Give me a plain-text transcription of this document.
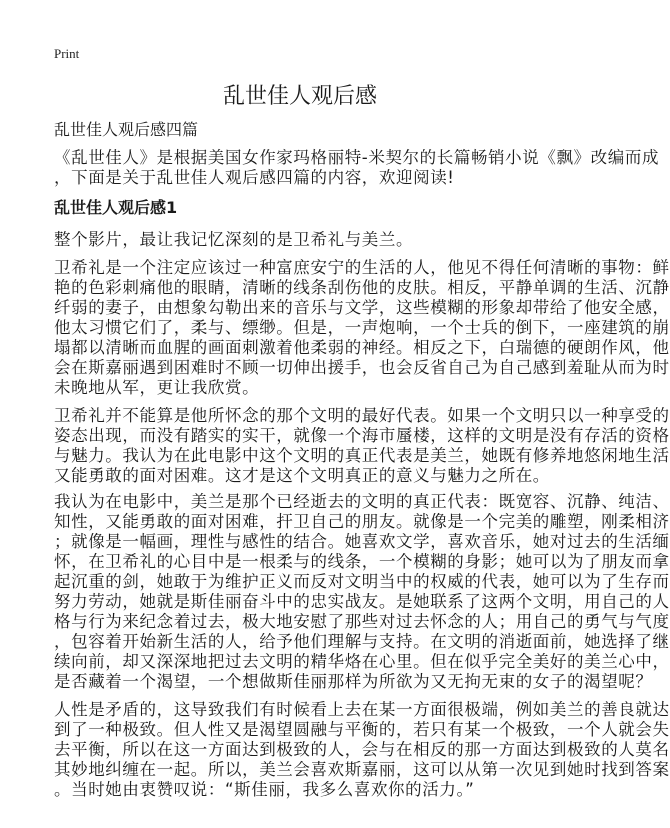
Print
乱世佳人观后感
乱世佳人观后感四篇
《乱世佳人》是根据美国女作家玛格丽特-米契尔的长篇畅销小说《飘》改编而成
，下面是关于乱世佳人观后感四篇的内容，欢迎阅读!
乱世佳人观后感1
整个影片，最让我记忆深刻的是卫希礼与美兰。
卫希礼是一个注定应该过一种富庶安宁的生活的人，他见不得任何清晰的事物：鲜
艳的色彩刺痛他的眼睛，清晰的线条刮伤他的皮肤。相反，平静单调的生活、沉静
纤弱的妻子，由想象勾勒出来的音乐与文学，这些模糊的形象却带给了他安全感，
他太习惯它们了，柔与、缥缈。但是，一声炮响，一个士兵的倒下，一座建筑的崩
塌都以清晰而血腥的画面刺激着他柔弱的神经。相反之下，白瑞德的硬朗作风，他
会在斯嘉丽遇到困难时不顾一切伸出援手，也会反省自己为自己感到羞耻从而为时
未晚地从军，更让我欣赏。
卫希礼并不能算是他所怀念的那个文明的最好代表。如果一个文明只以一种享受的
姿态出现，而没有踏实的实干，就像一个海市蜃楼，这样的文明是没有存活的资格
与魅力。我认为在此电影中这个文明的真正代表是美兰，她既有修养地悠闲地生活
又能勇敢的面对困难。这才是这个文明真正的意义与魅力之所在。
我认为在电影中，美兰是那个已经逝去的文明的真正代表：既宽容、沉静、纯洁、
知性，又能勇敢的面对困难，扞卫自己的朋友。就像是一个完美的雕塑，刚柔相济
；就像是一幅画，理性与感性的结合。她喜欢文学，喜欢音乐，她对过去的生活缅
怀，在卫希礼的心目中是一根柔与的线条，一个模糊的身影；她可以为了朋友而拿
起沉重的剑，她敢于为维护正义而反对文明当中的权威的代表，她可以为了生存而
努力劳动，她就是斯佳丽奋斗中的忠实战友。是她联系了这两个文明，用自己的人
格与行为来纪念着过去，极大地安慰了那些对过去怀念的人；用自己的勇气与气度
，包容着开始新生活的人，给予他们理解与支持。在文明的消逝面前，她选择了继
续向前，却又深深地把过去文明的精华烙在心里。但在似乎完全美好的美兰心中，
是否藏着一个渴望，一个想做斯佳丽那样为所欲为又无拘无束的女子的渴望呢？
人性是矛盾的，这导致我们有时候看上去在某一方面很极端，例如美兰的善良就达
到了一种极致。但人性又是渴望圆融与平衡的，若只有某一个极致，一个人就会失
去平衡，所以在这一方面达到极致的人，会与在相反的那一方面达到极致的人莫名
其妙地纠缠在一起。所以，美兰会喜欢斯嘉丽，这可以从第一次见到她时找到答案
。当时她由衷赞叹说：“斯佳丽，我多么喜欢你的活力。”
